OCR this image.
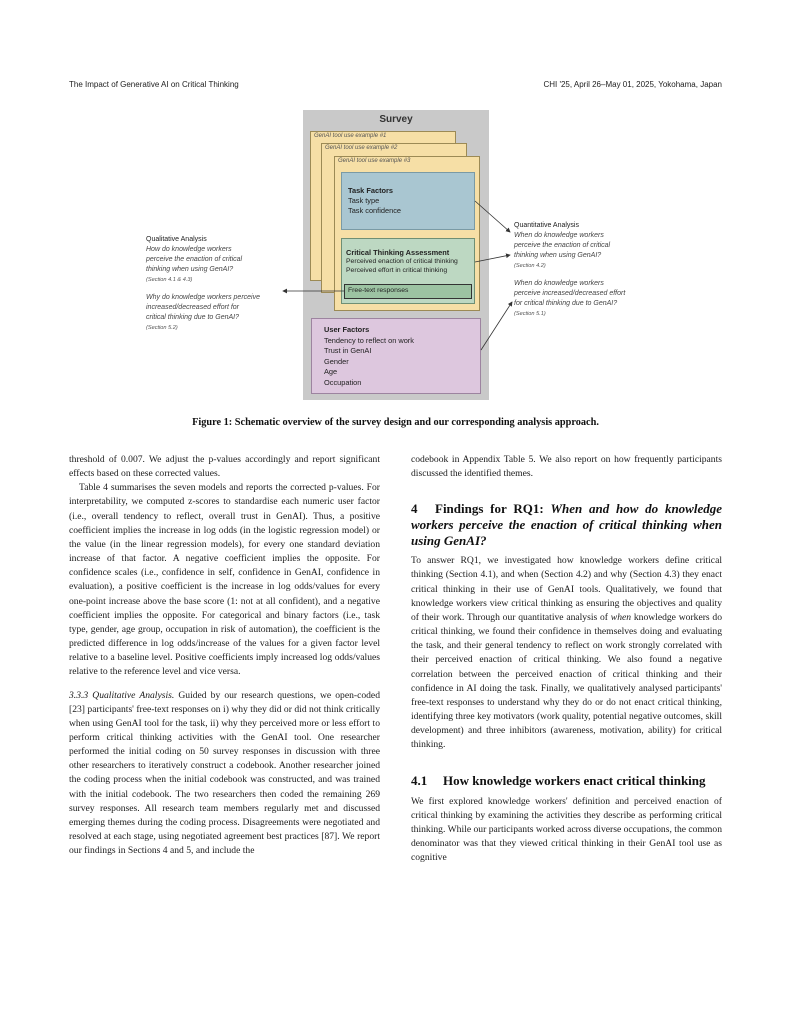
The Impact of Generative AI on Critical Thinking	CHI '25, April 26–May 01, 2025, Yokohama, Japan
Survey
GenAI tool use example #1
GenAI tool use example #2
GenAI tool use example #3
Task Factors
Task type
Task confidence
Critical Thinking Assessment
Perceived enaction of critical thinking
Perceived effort in critical thinking
Free-text responses
User Factors
Tendency to reflect on work
Trust in GenAI
Gender
Age
Occupation
Qualitative Analysis
How do knowledge workers
perceive the enaction of critical
thinking when using GenAI?
(Section 4.1 & 4.3)
Why do knowledge workers perceive
increased/decreased effort for
critical thinking due to GenAI?
(Section 5.2)
Quantitative Analysis
When do knowledge workers
perceive the enaction of critical
thinking when using GenAI?
(Section 4.2)
When do knowledge workers
perceive increased/decreased effort
for critical thinking due to GenAI?
(Section 5.1)
Figure 1: Schematic overview of the survey design and our corresponding analysis approach.

threshold of 0.007. We adjust the p-values accordingly and report significant effects based on these corrected values.

Table 4 summarises the seven models and reports the corrected p-values. For interpretability, we computed z-scores to standardise each numeric user factor (i.e., overall tendency to reflect, overall trust in GenAI). Thus, a positive coefficient implies the increase in log odds (in the logistic regression model) or the value (in the linear regression models), for every one standard deviation increase of that factor. A negative coefficient implies the opposite. For confidence scales (i.e., confidence in self, confidence in GenAI, confidence in evaluation), a positive coefficient is the increase in log odds/values for every one-point increase above the base score (1: not at all confident), and a negative coefficient implies the opposite. For categorical and binary factors (i.e., task type, gender, age group, occupation in risk of automation), the coefficient is the predicted difference in log odds/increase of the values for a given factor level relative to a baseline level. Positive coefficients imply increased log odds/values relative to the reference level and vice versa.

3.3.3 Qualitative Analysis. Guided by our research questions, we open-coded [23] participants' free-text responses on i) why they did or did not think critically when using GenAI tool for the task, ii) why they perceived more or less effort to perform critical thinking activities with the GenAI tool. One researcher performed the initial coding on 50 survey responses in discussion with three other researchers to iteratively construct a codebook. Another researcher joined the coding process when the initial codebook was constructed, and was trained with the initial codebook. The two researchers then coded the remaining 269 survey responses. All research team members regularly met and discussed emerging themes during the coding process. Disagreements were negotiated and resolved at each stage, using negotiated agreement best practices [87]. We report our findings in Sections 4 and 5, and include the

codebook in Appendix Table 5. We also report on how frequently participants discussed the identified themes.

4 Findings for RQ1: When and how do knowledge workers perceive the enaction of critical thinking when using GenAI?

To answer RQ1, we investigated how knowledge workers define critical thinking (Section 4.1), and when (Section 4.2) and why (Section 4.3) they enact critical thinking in their use of GenAI tools. Qualitatively, we found that knowledge workers view critical thinking as ensuring the objectives and quality of their work. Through our quantitative analysis of when knowledge workers do critical thinking, we found their confidence in themselves doing and evaluating the task, and their general tendency to reflect on work strongly correlated with their perceived enaction of critical thinking. We also found a negative correlation between the perceived enaction of critical thinking and their confidence in AI doing the task. Finally, we qualitatively analysed participants' free-text responses to understand why they do or do not enact critical thinking, identifying three key motivators (work quality, potential negative outcomes, skill development) and three inhibitors (awareness, motivation, ability) for critical thinking.

4.1 How knowledge workers enact critical thinking

We first explored knowledge workers' definition and perceived enaction of critical thinking by examining the activities they describe as performing critical thinking. While our participants worked across diverse occupations, the common denominator was that they viewed critical thinking in their GenAI tool use as cognitive
